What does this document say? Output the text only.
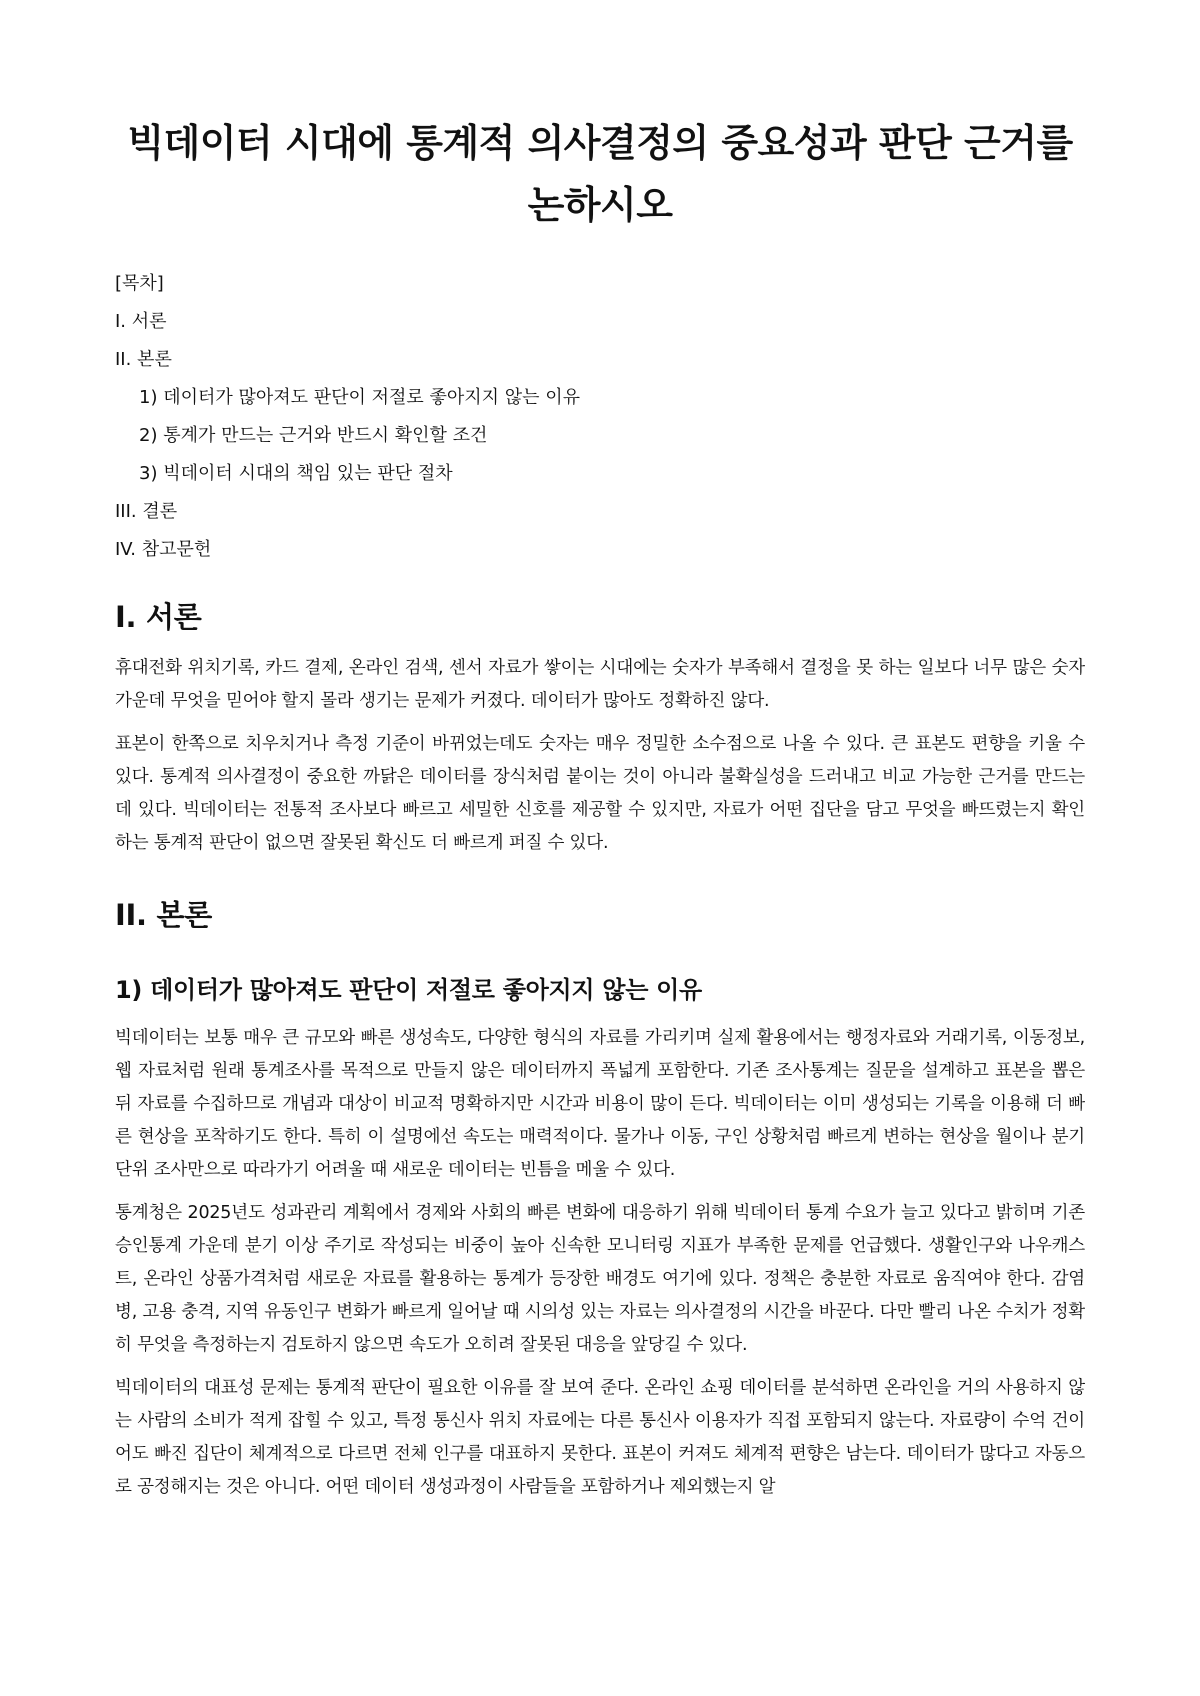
빅데이터 시대에 통계적 의사결정의 중요성과 판단 근거를 논하시오
[목차]
I. 서론
II. 본론
1) 데이터가 많아져도 판단이 저절로 좋아지지 않는 이유
2) 통계가 만드는 근거와 반드시 확인할 조건
3) 빅데이터 시대의 책임 있는 판단 절차
III. 결론
IV. 참고문헌
I. 서론

휴대전화 위치기록, 카드 결제, 온라인 검색, 센서 자료가 쌓이는 시대에는 숫자가 부족해서 결정을 못 하는 일보다 너무 많은 숫자 가운데 무엇을 믿어야 할지 몰라 생기는 문제가 커졌다. 데이터가 많아도 정확하진 않다.

표본이 한쪽으로 치우치거나 측정 기준이 바뀌었는데도 숫자는 매우 정밀한 소수점으로 나올 수 있다. 큰 표본도 편향을 키울 수 있다. 통계적 의사결정이 중요한 까닭은 데이터를 장식처럼 붙이는 것이 아니라 불확실성을 드러내고 비교 가능한 근거를 만드는 데 있다. 빅데이터는 전통적 조사보다 빠르고 세밀한 신호를 제공할 수 있지만, 자료가 어떤 집단을 담고 무엇을 빠뜨렸는지 확인하는 통계적 판단이 없으면 잘못된 확신도 더 빠르게 퍼질 수 있다.

II. 본론
1) 데이터가 많아져도 판단이 저절로 좋아지지 않는 이유

빅데이터는 보통 매우 큰 규모와 빠른 생성속도, 다양한 형식의 자료를 가리키며 실제 활용에서는 행정자료와 거래기록, 이동정보, 웹 자료처럼 원래 통계조사를 목적으로 만들지 않은 데이터까지 폭넓게 포함한다. 기존 조사통계는 질문을 설계하고 표본을 뽑은 뒤 자료를 수집하므로 개념과 대상이 비교적 명확하지만 시간과 비용이 많이 든다. 빅데이터는 이미 생성되는 기록을 이용해 더 빠른 현상을 포착하기도 한다. 특히 이 설명에선 속도는 매력적이다. 물가나 이동, 구인 상황처럼 빠르게 변하는 현상을 월이나 분기 단위 조사만으로 따라가기 어려울 때 새로운 데이터는 빈틈을 메울 수 있다.

통계청은 2025년도 성과관리 계획에서 경제와 사회의 빠른 변화에 대응하기 위해 빅데이터 통계 수요가 늘고 있다고 밝히며 기존 승인통계 가운데 분기 이상 주기로 작성되는 비중이 높아 신속한 모니터링 지표가 부족한 문제를 언급했다. 생활인구와 나우캐스트, 온라인 상품가격처럼 새로운 자료를 활용하는 통계가 등장한 배경도 여기에 있다. 정책은 충분한 자료로 움직여야 한다. 감염병, 고용 충격, 지역 유동인구 변화가 빠르게 일어날 때 시의성 있는 자료는 의사결정의 시간을 바꾼다. 다만 빨리 나온 수치가 정확히 무엇을 측정하는지 검토하지 않으면 속도가 오히려 잘못된 대응을 앞당길 수 있다.

빅데이터의 대표성 문제는 통계적 판단이 필요한 이유를 잘 보여 준다. 온라인 쇼핑 데이터를 분석하면 온라인을 거의 사용하지 않는 사람의 소비가 적게 잡힐 수 있고, 특정 통신사 위치 자료에는 다른 통신사 이용자가 직접 포함되지 않는다. 자료량이 수억 건이어도 빠진 집단이 체계적으로 다르면 전체 인구를 대표하지 못한다. 표본이 커져도 체계적 편향은 남는다. 데이터가 많다고 자동으로 공정해지는 것은 아니다. 어떤 데이터 생성과정이 사람들을 포함하거나 제외했는지 알
